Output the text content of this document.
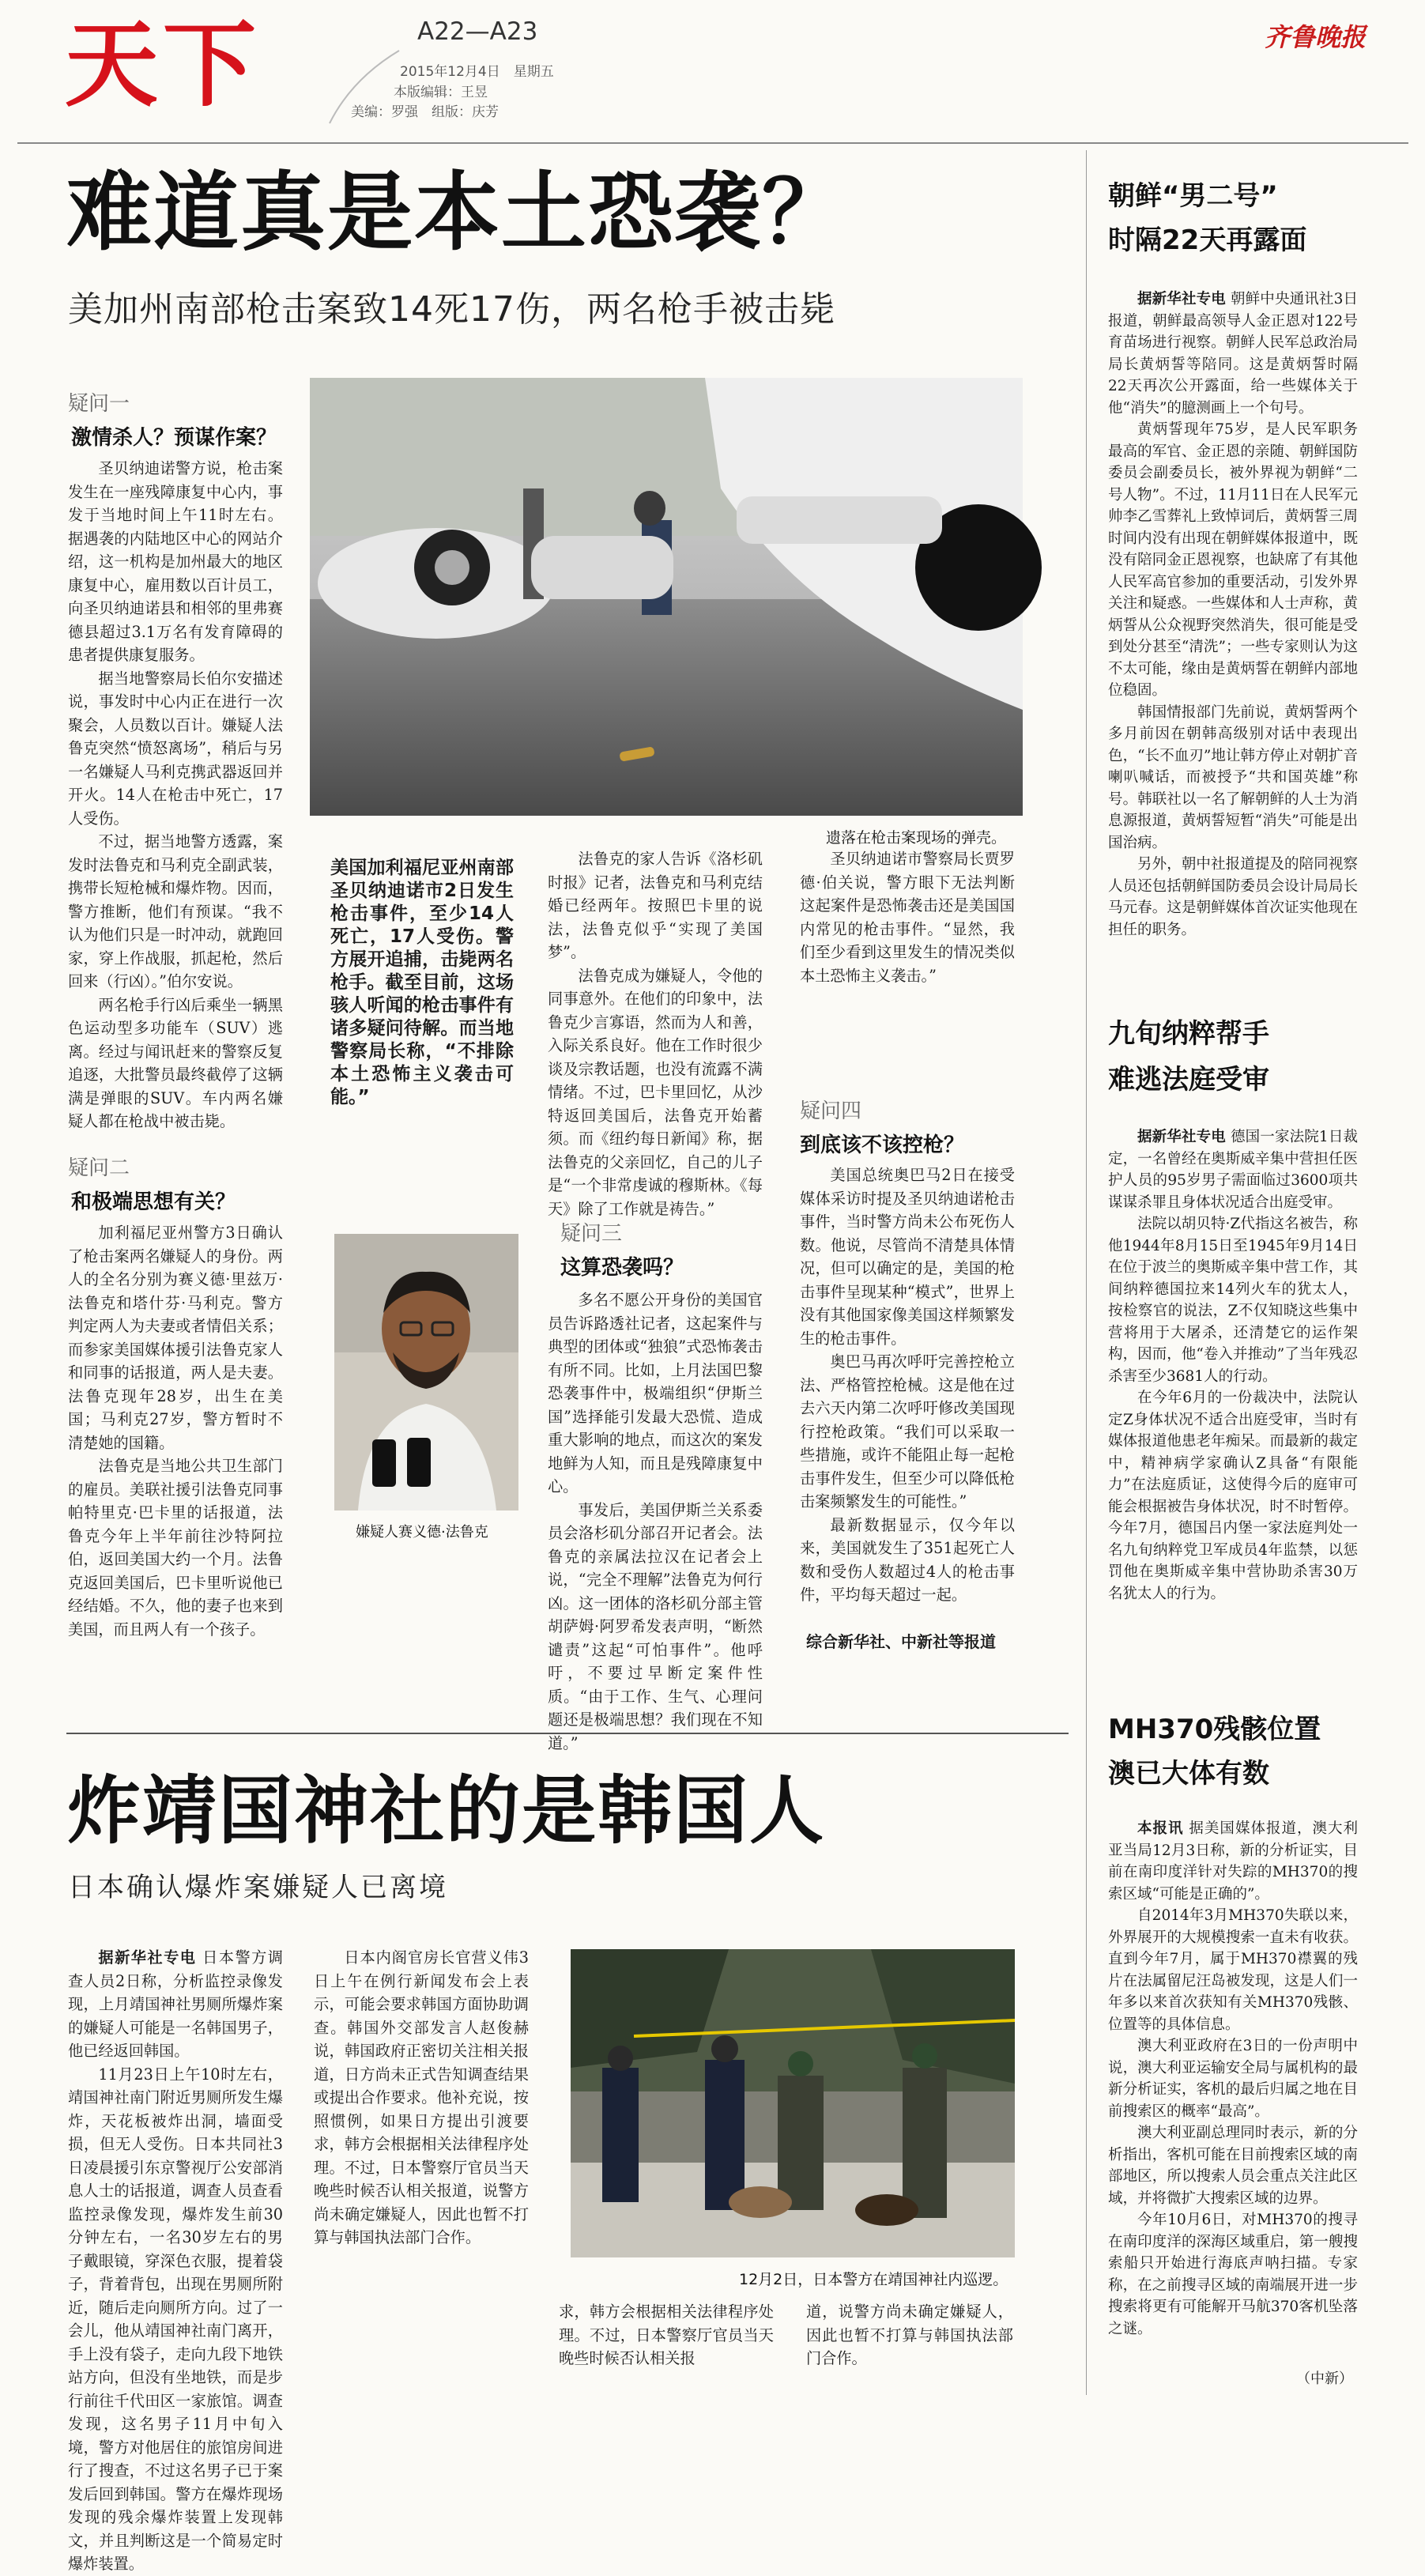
天下	A22—A23
2015年12月4日　星期五
本版编辑：王昱
美编：罗强　组版：庆芳
齐鲁晚报
难道真是本土恐袭？
美加州南部枪击案致14死17伤，两名枪手被击毙
疑问一
激情杀人？预谋作案？

圣贝纳迪诺警方说，枪击案发生在一座残障康复中心内，事发于当地时间上午11时左右。据遇袭的内陆地区中心的网站介绍，这一机构是加州最大的地区康复中心，雇用数以百计员工，向圣贝纳迪诺县和相邻的里弗赛德县超过3.1万名有发育障碍的患者提供康复服务。

据当地警察局长伯尔安描述说，事发时中心内正在进行一次聚会，人员数以百计。嫌疑人法鲁克突然“愤怒离场”，稍后与另一名嫌疑人马利克携武器返回并开火。14人在枪击中死亡，17人受伤。

不过，据当地警方透露，案发时法鲁克和马利克全副武装，携带长短枪械和爆炸物。因而，警方推断，他们有预谋。“我不认为他们只是一时冲动，就跑回家，穿上作战服，抓起枪，然后回来（行凶）。”伯尔安说。

两名枪手行凶后乘坐一辆黑色运动型多功能车（SUV）逃离。经过与闻讯赶来的警察反复追逐，大批警员最终截停了这辆满是弹眼的SUV。车内两名嫌疑人都在枪战中被击毙。

遗落在枪击案现场的弹壳。
美国加利福尼亚州南部圣贝纳迪诺市2日发生枪击事件，至少14人死亡，17人受伤。警方展开追捕，击毙两名枪手。截至目前，这场骇人听闻的枪击事件有诸多疑问待解。而当地警察局长称，“不排除本土恐怖主义袭击可能。”
疑问二
和极端思想有关？

加利福尼亚州警方3日确认了枪击案两名嫌疑人的身份。两人的全名分别为赛义德·里兹万·法鲁克和塔什芬·马利克。警方判定两人为夫妻或者情侣关系；而参家美国媒体援引法鲁克家人和同事的话报道，两人是夫妻。法鲁克现年28岁，出生在美国；马利克27岁，警方暂时不清楚她的国籍。

法鲁克是当地公共卫生部门的雇员。美联社援引法鲁克同事帕特里克·巴卡里的话报道，法鲁克今年上半年前往沙特阿拉伯，返回美国大约一个月。法鲁克返回美国后，巴卡里听说他已经结婚。不久，他的妻子也来到美国，而且两人有一个孩子。

嫌疑人赛义德·法鲁克

法鲁克的家人告诉《洛杉矶时报》记者，法鲁克和马利克结婚已经两年。按照巴卡里的说法，法鲁克似乎“实现了美国梦”。

法鲁克成为嫌疑人，令他的同事意外。在他们的印象中，法鲁克少言寡语，然而为人和善，入际关系良好。他在工作时很少谈及宗教话题，也没有流露不满情绪。不过，巴卡里回忆，从沙特返回美国后，法鲁克开始蓄须。而《纽约每日新闻》称，据法鲁克的父亲回忆，自己的儿子是“一个非常虔诚的穆斯林。《每天》除了工作就是祷告。”

疑问三
这算恐袭吗？

多名不愿公开身份的美国官员告诉路透社记者，这起案件与典型的团体或“独狼”式恐怖袭击有所不同。比如，上月法国巴黎恐袭事件中，极端组织“伊斯兰国”选择能引发最大恐慌、造成重大影响的地点，而这次的案发地鲜为人知，而且是残障康复中心。

事发后，美国伊斯兰关系委员会洛杉矶分部召开记者会。法鲁克的亲属法拉汉在记者会上说，“完全不理解”法鲁克为何行凶。这一团体的洛杉矶分部主管胡萨姆·阿罗希发表声明，“断然谴责”这起“可怕事件”。他呼吁，不要过早断定案件性质。“由于工作、生气、心理问题还是极端思想？我们现在不知道。”

圣贝纳迪诺市警察局长贾罗德·伯关说，警方眼下无法判断这起案件是恐怖袭击还是美国国内常见的枪击事件。“显然，我们至少看到这里发生的情况类似本土恐怖主义袭击。”

疑问四
到底该不该控枪？

美国总统奥巴马2日在接受媒体采访时提及圣贝纳迪诺枪击事件，当时警方尚未公布死伤人数。他说，尽管尚不清楚具体情况，但可以确定的是，美国的枪击事件呈现某种“模式”，世界上没有其他国家像美国这样频繁发生的枪击事件。

奥巴马再次呼吁完善控枪立法、严格管控枪械。这是他在过去六天内第二次呼吁修改美国现行控枪政策。“我们可以采取一些措施，或许不能阻止每一起枪击事件发生，但至少可以降低枪击案频繁发生的可能性。”

最新数据显示，仅今年以来，美国就发生了351起死亡人数和受伤人数超过4人的枪击事件，平均每天超过一起。

综合新华社、中新社等报道
炸靖国神社的是韩国人
日本确认爆炸案嫌疑人已离境

据新华社专电 日本警方调查人员2日称，分析监控录像发现，上月靖国神社男厕所爆炸案的嫌疑人可能是一名韩国男子，他已经返回韩国。

11月23日上午10时左右，靖国神社南门附近男厕所发生爆炸，天花板被炸出洞，墙面受损，但无人受伤。日本共同社3日凌晨援引东京警视厅公安部消息人士的话报道，调查人员查看监控录像发现，爆炸发生前30分钟左右，一名30岁左右的男子戴眼镜，穿深色衣服，提着袋子，背着背包，出现在男厕所附近，随后走向厕所方向。过了一会儿，他从靖国神社南门离开，手上没有袋子，走向九段下地铁站方向，但没有坐地铁，而是步行前往千代田区一家旅馆。调查发现，这名男子11月中旬入境，警方对他居住的旅馆房间进行了搜查，不过这名男子已于案发后回到韩国。警方在爆炸现场发现的残余爆炸装置上发现韩文，并且判断这是一个简易定时爆炸装置。

日本内阁官房长官营义伟3日上午在例行新闻发布会上表示，可能会要求韩国方面协助调查。韩国外交部发言人赵俊赫说，韩国政府正密切关注相关报道，日方尚未正式告知调查结果或提出合作要求。他补充说，按照惯例，如果日方提出引渡要求，韩方会根据相关法律程序处理。不过，日本警察厅官员当天晚些时候否认相关报道，说警方尚未确定嫌疑人，因此也暂不打算与韩国执法部门合作。

12月2日，日本警方在靖国神社内巡逻。

求，韩方会根据相关法律程序处理。不过，日本警察厅官员当天晚些时候否认相关报

道，说警方尚未确定嫌疑人，因此也暂不打算与韩国执法部门合作。

朝鲜“男二号”
时隔22天再露面

据新华社专电 朝鲜中央通讯社3日报道，朝鲜最高领导人金正恩对122号育苗场进行视察。朝鲜人民军总政治局局长黄炳誓等陪同。这是黄炳誓时隔22天再次公开露面，给一些媒体关于他“消失”的臆测画上一个句号。

黄炳誓现年75岁，是人民军职务最高的军官、金正恩的亲随、朝鲜国防委员会副委员长，被外界视为朝鲜“二号人物”。不过，11月11日在人民军元帅李乙雪葬礼上致悼词后，黄炳誓三周时间内没有出现在朝鲜媒体报道中，既没有陪同金正恩视察，也缺席了有其他人民军高官参加的重要活动，引发外界关注和疑惑。一些媒体和人士声称，黄炳誓从公众视野突然消失，很可能是受到处分甚至“清洗”；一些专家则认为这不太可能，缘由是黄炳誓在朝鲜内部地位稳固。

韩国情报部门先前说，黄炳誓两个多月前因在朝韩高级别对话中表现出色，“长不血刃”地让韩方停止对朝扩音喇叭喊话，而被授予“共和国英雄”称号。韩联社以一名了解朝鲜的人士为消息源报道，黄炳誓短暂“消失”可能是出国治病。

另外，朝中社报道提及的陪同视察人员还包括朝鲜国防委员会设计局局长马元春。这是朝鲜媒体首次证实他现在担任的职务。

九旬纳粹帮手
难逃法庭受审

据新华社专电 德国一家法院1日裁定，一名曾经在奥斯威辛集中营担任医护人员的95岁男子需面临过3600项共谋谋杀罪且身体状况适合出庭受审。

法院以胡贝特·Z代指这名被告，称他1944年8月15日至1945年9月14日在位于波兰的奥斯威辛集中营工作，其间纳粹德国拉来14列火车的犹太人，按检察官的说法，Z不仅知晓这些集中营将用于大屠杀，还清楚它的运作架构，因而，他“卷入并推动”了当年残忍杀害至少3681人的行动。

在今年6月的一份裁决中，法院认定Z身体状况不适合出庭受审，当时有媒体报道他患老年痴呆。而最新的裁定中，精神病学家确认Z具备“有限能力”在法庭质证，这使得今后的庭审可能会根据被告身体状况，时不时暂停。今年7月，德国吕内堡一家法庭判处一名九旬纳粹党卫军成员4年监禁，以惩罚他在奥斯威辛集中营协助杀害30万名犹太人的行为。

MH370残骸位置
澳已大体有数

本报讯 据美国媒体报道，澳大利亚当局12月3日称，新的分析证实，目前在南印度洋针对失踪的MH370的搜索区域“可能是正确的”。

自2014年3月MH370失联以来，外界展开的大规模搜索一直未有收获。直到今年7月，属于MH370襟翼的残片在法属留尼汪岛被发现，这是人们一年多以来首次获知有关MH370残骸、位置等的具体信息。

澳大利亚政府在3日的一份声明中说，澳大利亚运输安全局与属机构的最新分析证实，客机的最后归属之地在目前搜索区的概率“最高”。

澳大利亚副总理同时表示，新的分析指出，客机可能在目前搜索区域的南部地区，所以搜索人员会重点关注此区域，并将微扩大搜索区域的边界。

今年10月6日，对MH370的搜寻在南印度洋的深海区域重启，第一艘搜索船只开始进行海底声呐扫描。专家称，在之前搜寻区域的南端展开进一步搜索将更有可能解开马航370客机坠落之谜。

（中新）
